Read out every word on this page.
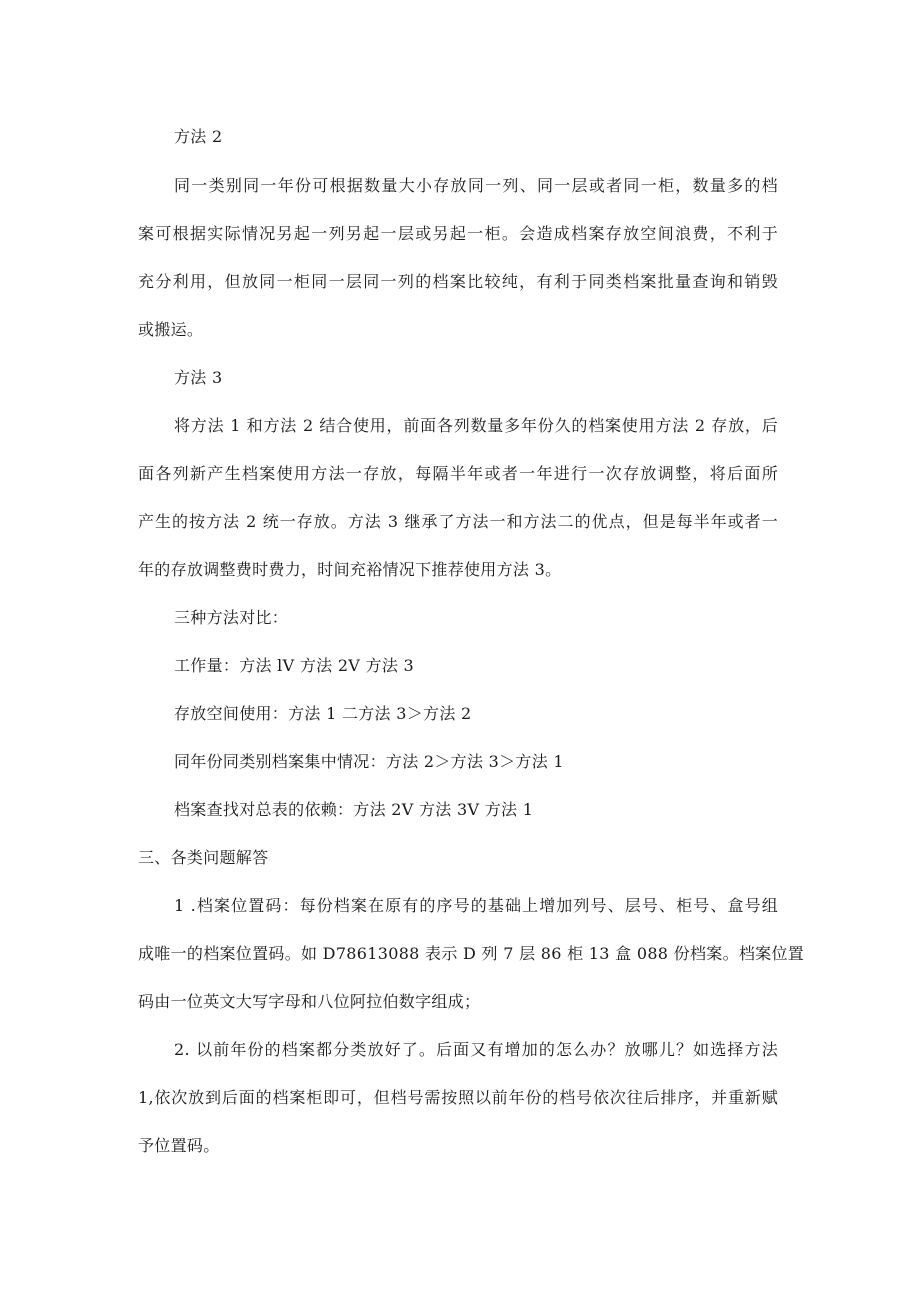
方法 2
同一类别同一年份可根据数量大小存放同一列、同一层或者同一柜，数量多的档
案可根据实际情况另起一列另起一层或另起一柜。会造成档案存放空间浪费，不利于
充分利用，但放同一柜同一层同一列的档案比较纯，有利于同类档案批量查询和销毁
或搬运。
方法 3
将方法 1 和方法 2 结合使用，前面各列数量多年份久的档案使用方法 2 存放，后
面各列新产生档案使用方法一存放，每隔半年或者一年进行一次存放调整，将后面所
产生的按方法 2 统一存放。方法 3 继承了方法一和方法二的优点，但是每半年或者一
年的存放调整费时费力，时间充裕情况下推荐使用方法 3。
三种方法对比：
工作量：方法 lV 方法 2V 方法 3
存放空间使用：方法 1 二方法 3＞方法 2
同年份同类别档案集中情况：方法 2＞方法 3＞方法 1
档案查找对总表的依赖：方法 2V 方法 3V 方法 1
三、各类问题解答
1 .档案位置码：每份档案在原有的序号的基础上增加列号、层号、柜号、盒号组
成唯一的档案位置码。如 D78613088 表示 D 列 7 层 86 柜 13 盒 088 份档案。档案位置
码由一位英文大写字母和八位阿拉伯数字组成；
2. 以前年份的档案都分类放好了。后面又有增加的怎么办？放哪儿？如选择方法
1,依次放到后面的档案柜即可，但档号需按照以前年份的档号依次往后排序，并重新赋
予位置码。
